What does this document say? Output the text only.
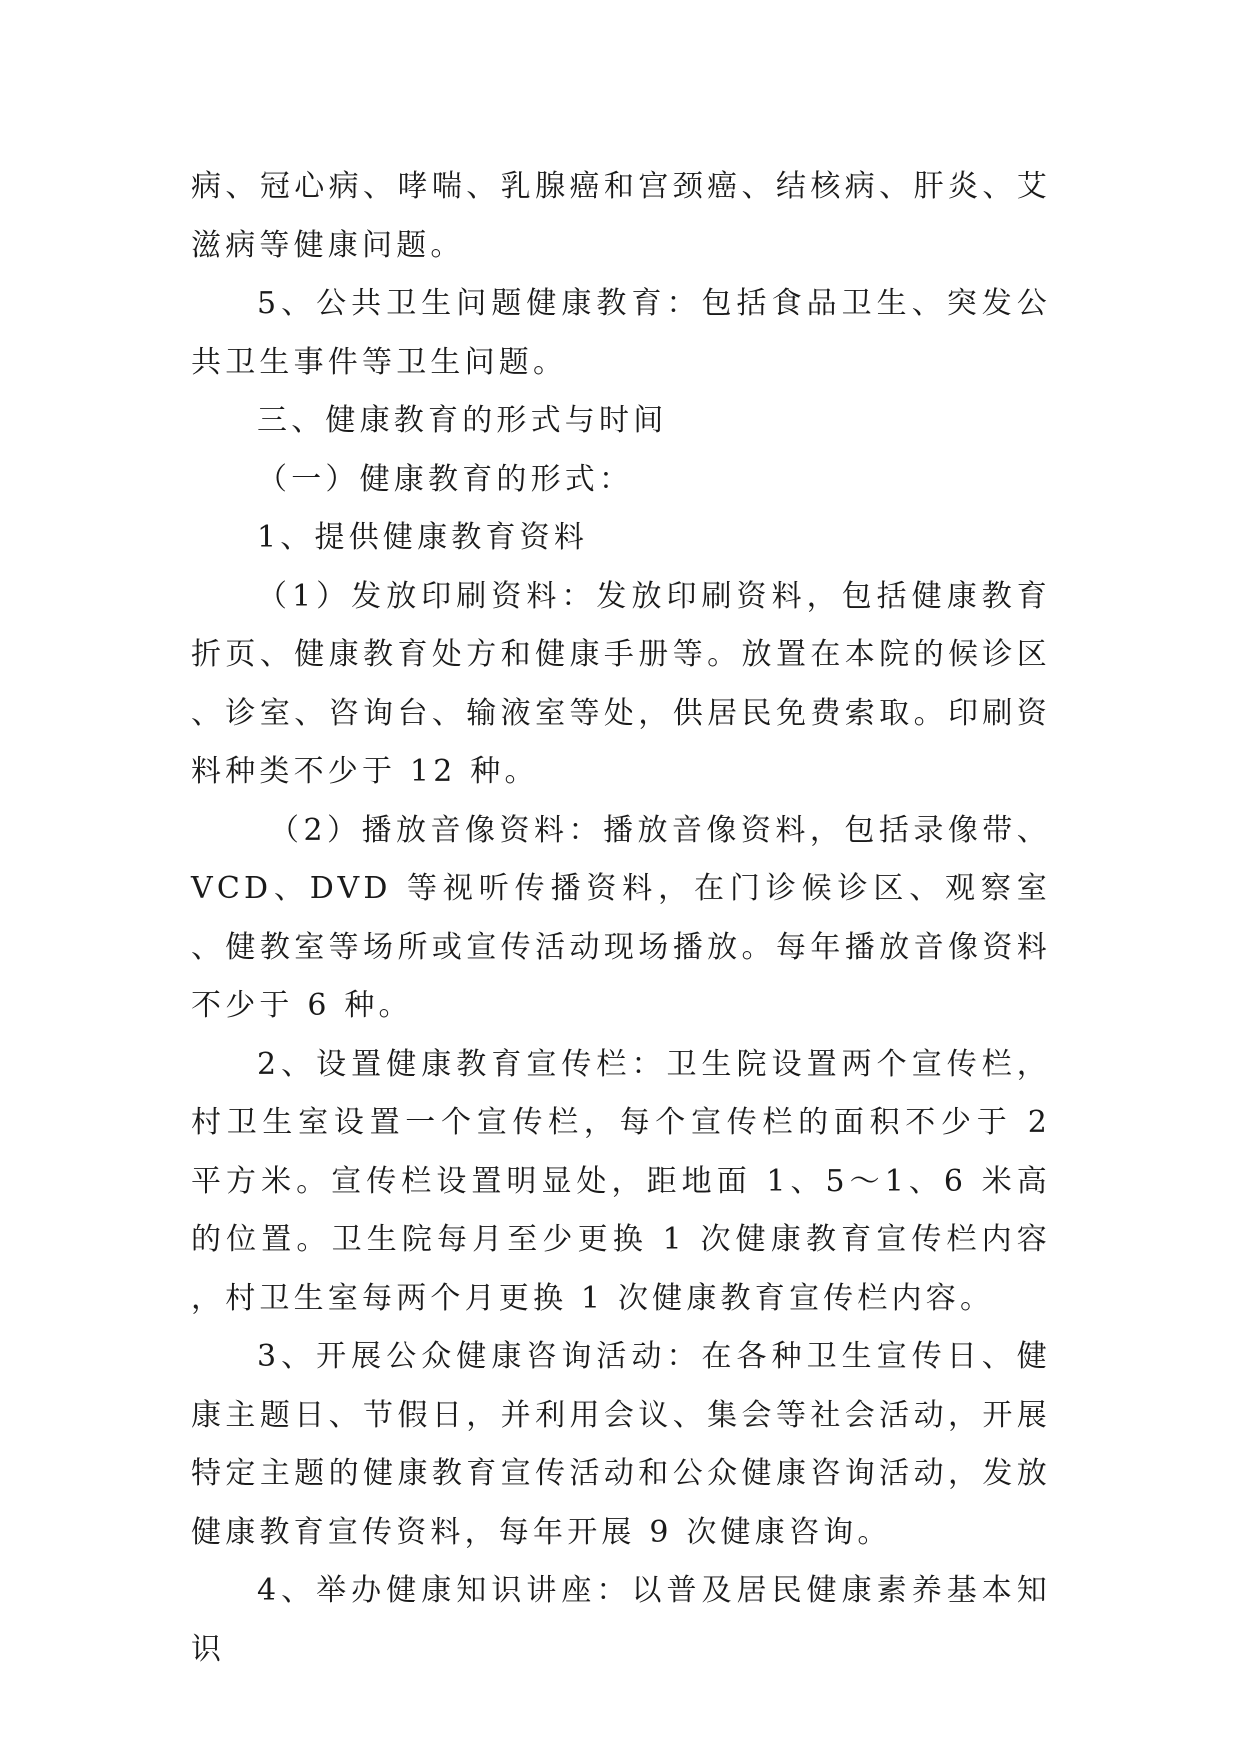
病、冠心病、哮喘、乳腺癌和宫颈癌、结核病、肝炎、艾滋病等健康问题。

5、公共卫生问题健康教育：包括食品卫生、突发公共卫生事件等卫生问题。

三、健康教育的形式与时间

（一）健康教育的形式：

1、提供健康教育资料

（1）发放印刷资料：发放印刷资料，包括健康教育折页、健康教育处方和健康手册等。放置在本院的候诊区、诊室、咨询台、输液室等处，供居民免费索取。印刷资料种类不少于 12 种。

（2）播放音像资料：播放音像资料，包括录像带、VCD、DVD 等视听传播资料，在门诊候诊区、观察室、健教室等场所或宣传活动现场播放。每年播放音像资料不少于 6 种。

2、设置健康教育宣传栏：卫生院设置两个宣传栏，村卫生室设置一个宣传栏，每个宣传栏的面积不少于 2 平方米。宣传栏设置明显处，距地面 1、5～1、6 米高的位置。卫生院每月至少更换 1 次健康教育宣传栏内容，村卫生室每两个月更换 1 次健康教育宣传栏内容。

3、开展公众健康咨询活动：在各种卫生宣传日、健康主题日、节假日，并利用会议、集会等社会活动，开展特定主题的健康教育宣传活动和公众健康咨询活动，发放健康教育宣传资料，每年开展 9 次健康咨询。

4、举办健康知识讲座：以普及居民健康素养基本知识
